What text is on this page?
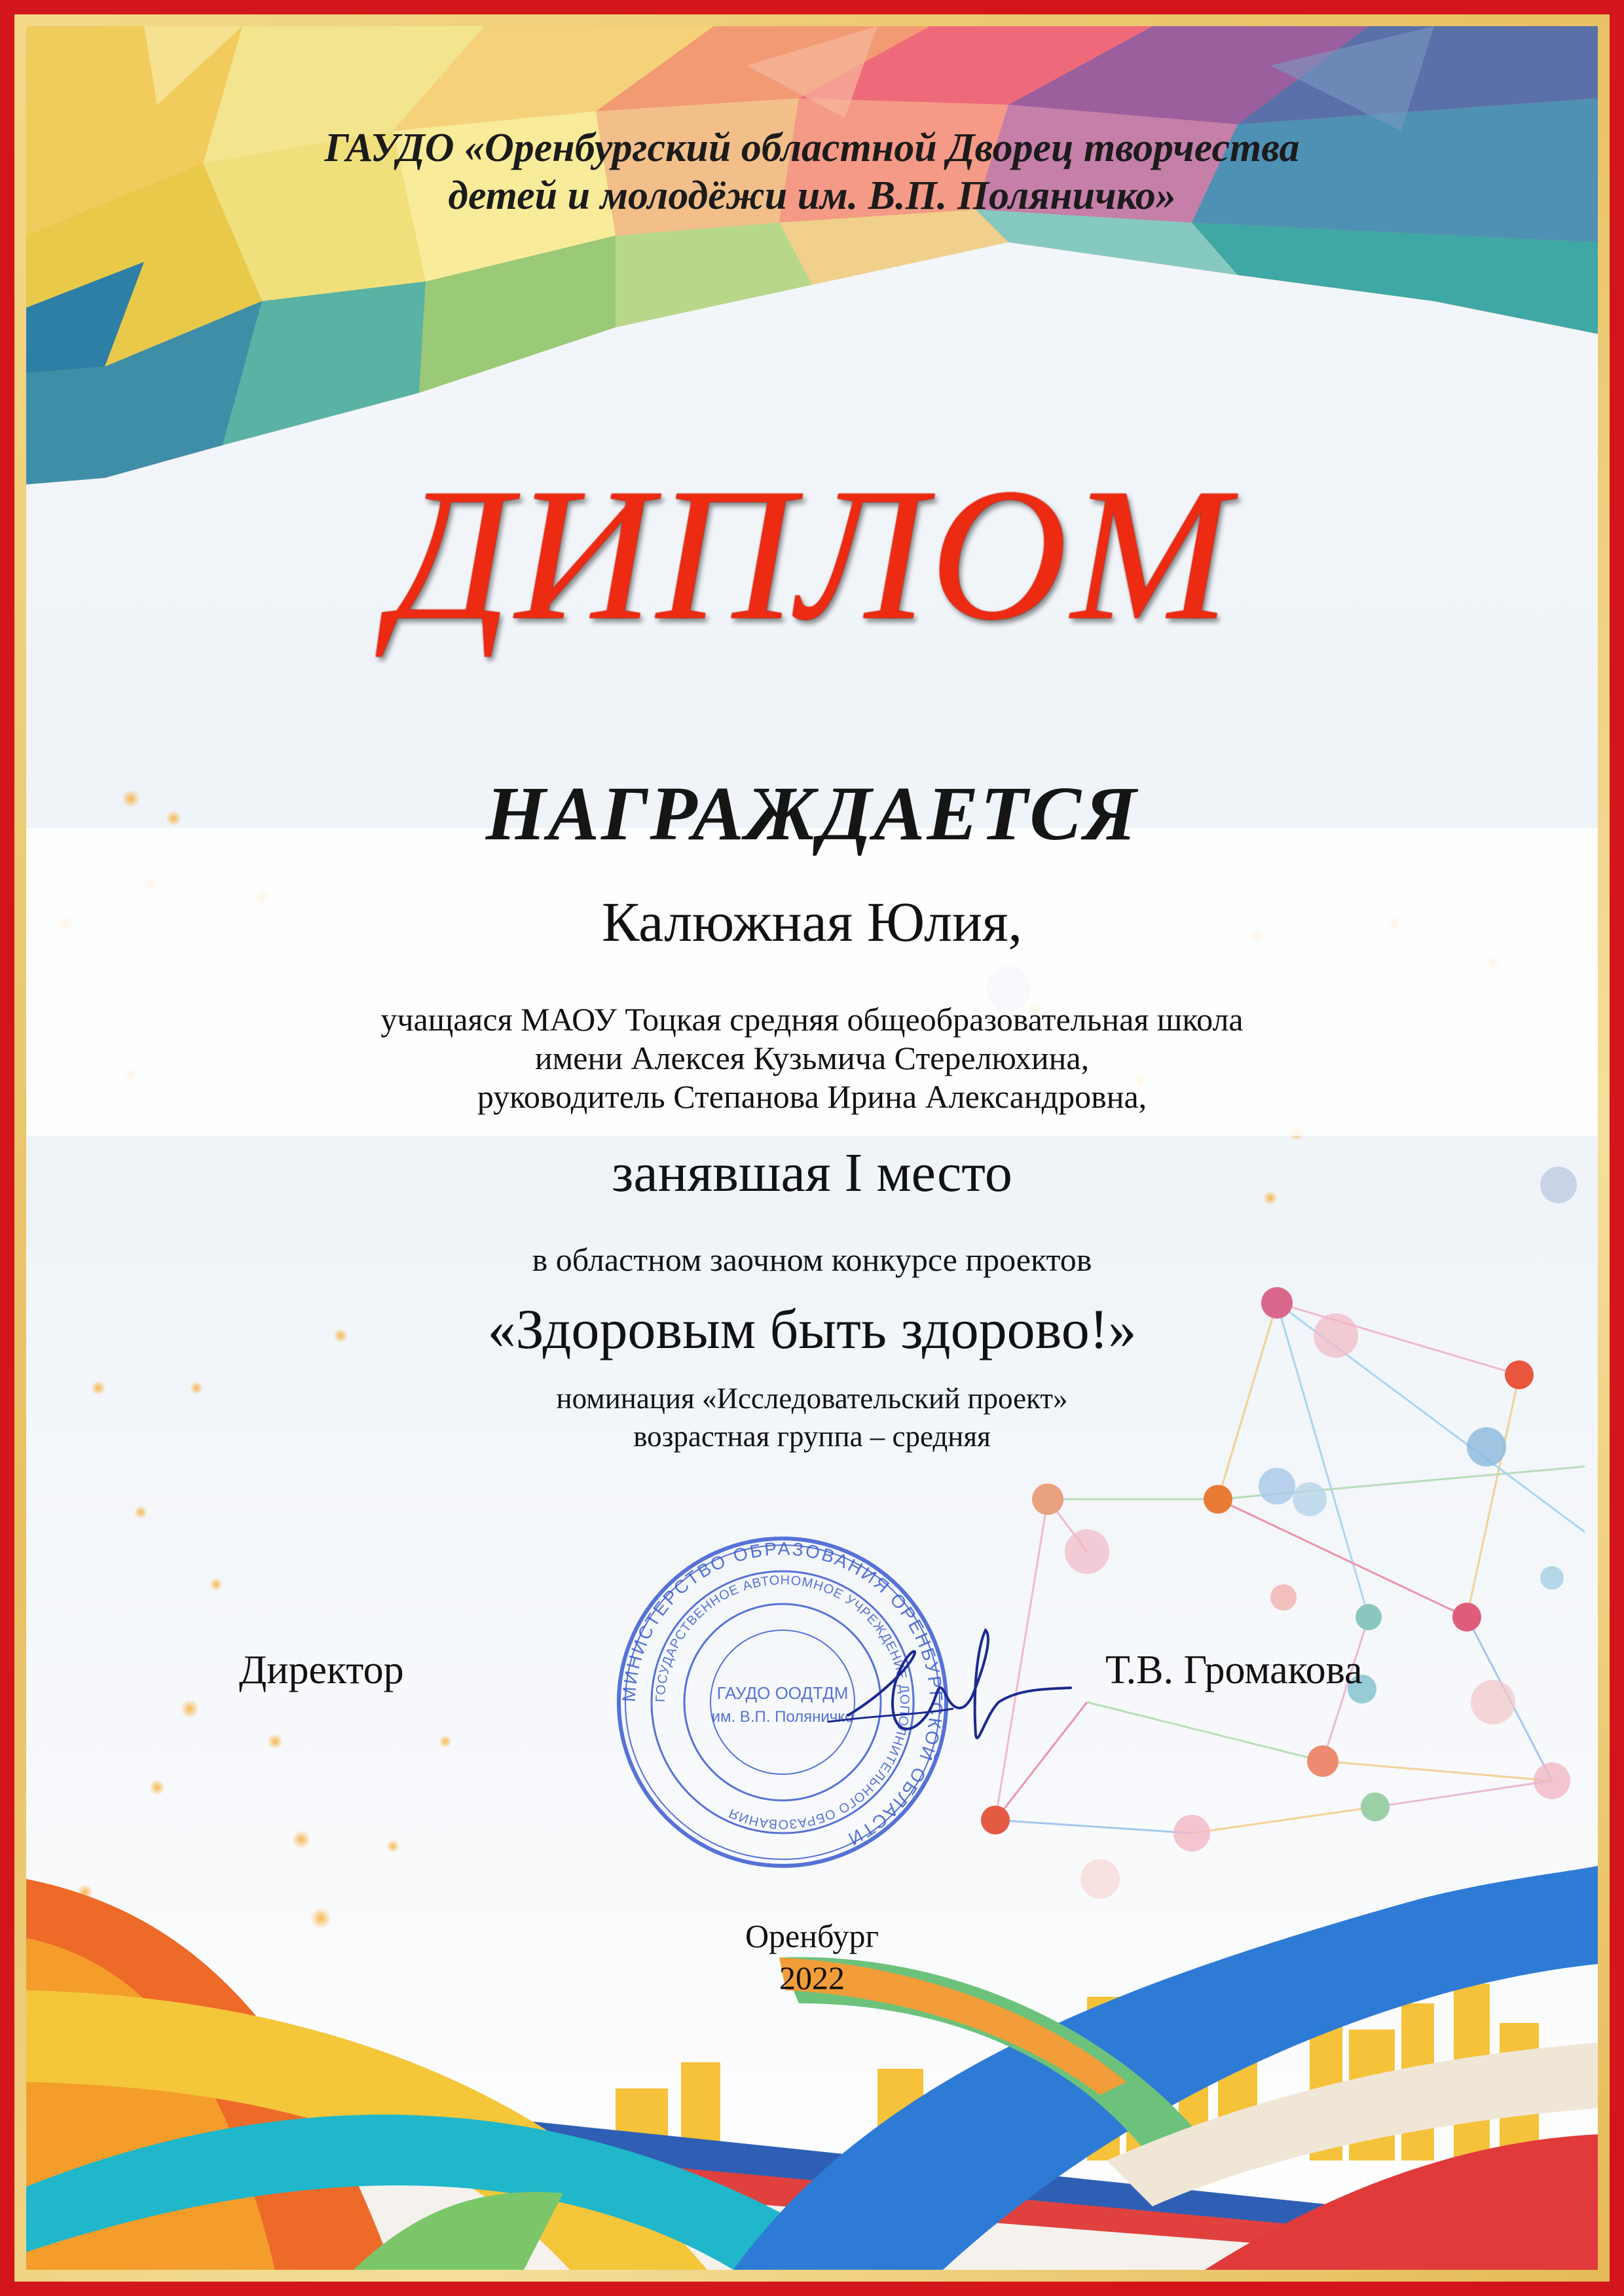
ГАУДО «Оренбургский областной Дворец творчества
детей и молодёжи им. В.П. Поляничко»
ДИПЛОМ
НАГРАЖДАЕТСЯ
Калюжная Юлия,
учащаяся МАОУ Тоцкая средняя общеобразовательная школа
имени Алексея Кузьмича Стерелюхина,
руководитель Степанова Ирина Александровна,
занявшая I место
в областном заочном конкурсе проектов
«Здоровым быть здорово!»
номинация «Исследовательский проект»
возрастная группа – средняя
Директор	Т.В. Громакова
МИНИСТЕРСТВО ОБРАЗОВАНИЯ ОРЕНБУРГСКОЙ ОБЛАСТИ
ГОСУДАРСТВЕННОЕ АВТОНОМНОЕ УЧРЕЖДЕНИЕ ДОПОЛНИТЕЛЬНОГО ОБРАЗОВАНИЯ
ГАУДО ООДТДМ
им. В.П. Поляничко
Оренбург
2022
